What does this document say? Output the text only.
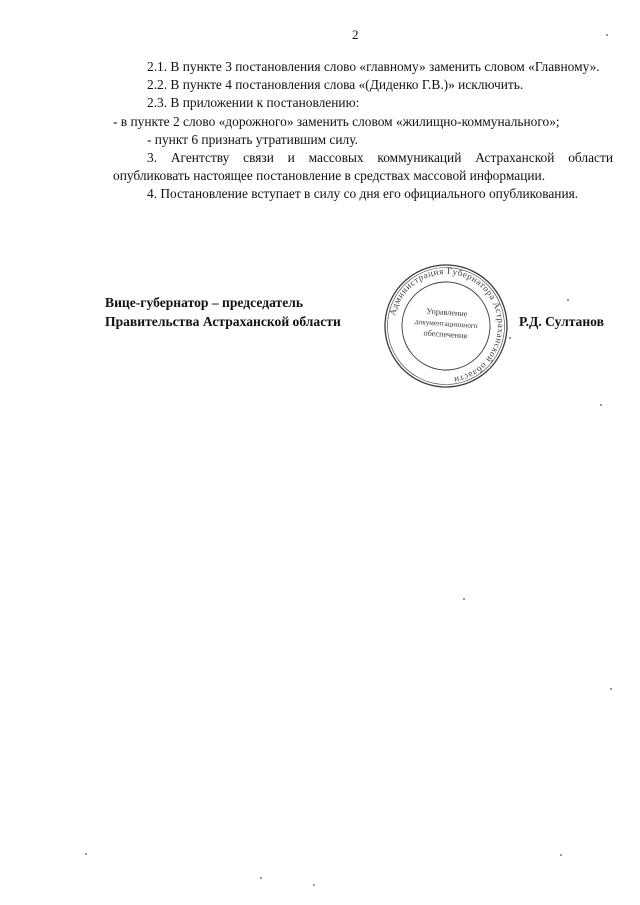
2

2.1. В пункте 3 постановления слово «главному» заменить словом «Главному».

2.2. В пункте 4 постановления слова «(Диденко Г.В.)» исключить.

2.3. В приложении к постановлению:

- в пункте 2 слово «дорожного» заменить словом «жилищно-коммунального»;

- пункт 6 признать утратившим силу.

3. Агентству связи и массовых коммуникаций Астраханской области опубликовать настоящее постановление в средствах массовой информации.

4. Постановление вступает в силу со дня его официального опубликования.

Вице-губернатор – председатель
Правительства Астраханской области
Администрация Губернатора Астраханской области
Управление
документационного
обеспечения
Р.Д. Султанов
